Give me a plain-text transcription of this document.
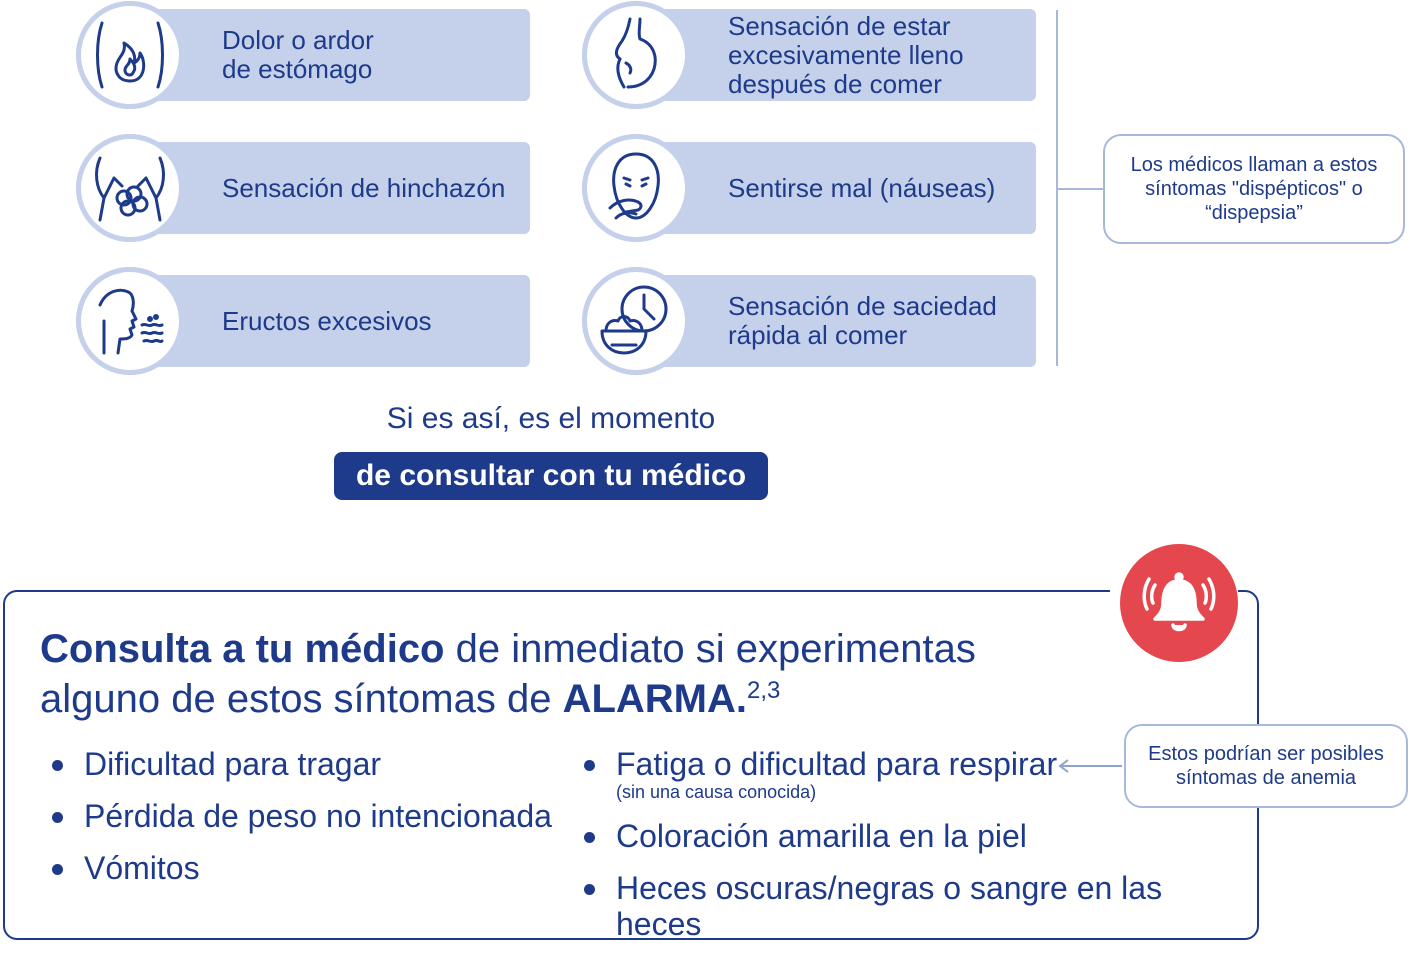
Dolor o ardor
de estómago
Sensación de estar
excesivamente lleno
después de comer
Sensación de hinchazón	Sentirse mal (náuseas)
Eructos excesivos	Sensación de saciedad
rápida al comer
Los médicos llaman a estos
síntomas "dispépticos" o
“dispepsia”
Si es así, es el momento
de consultar con tu médico
Consulta a tu médico de inmediato si experimentas alguno de estos síntomas de ALARMA.$^{2,3}$
Dificultad para tragar
Pérdida de peso no intencionada
Vómitos
Fatiga o dificultad para respirar
(sin una causa conocida)
Coloración amarilla en la piel
Heces oscuras/negras o sangre en las heces
Estos podrían ser posibles
síntomas de anemia
